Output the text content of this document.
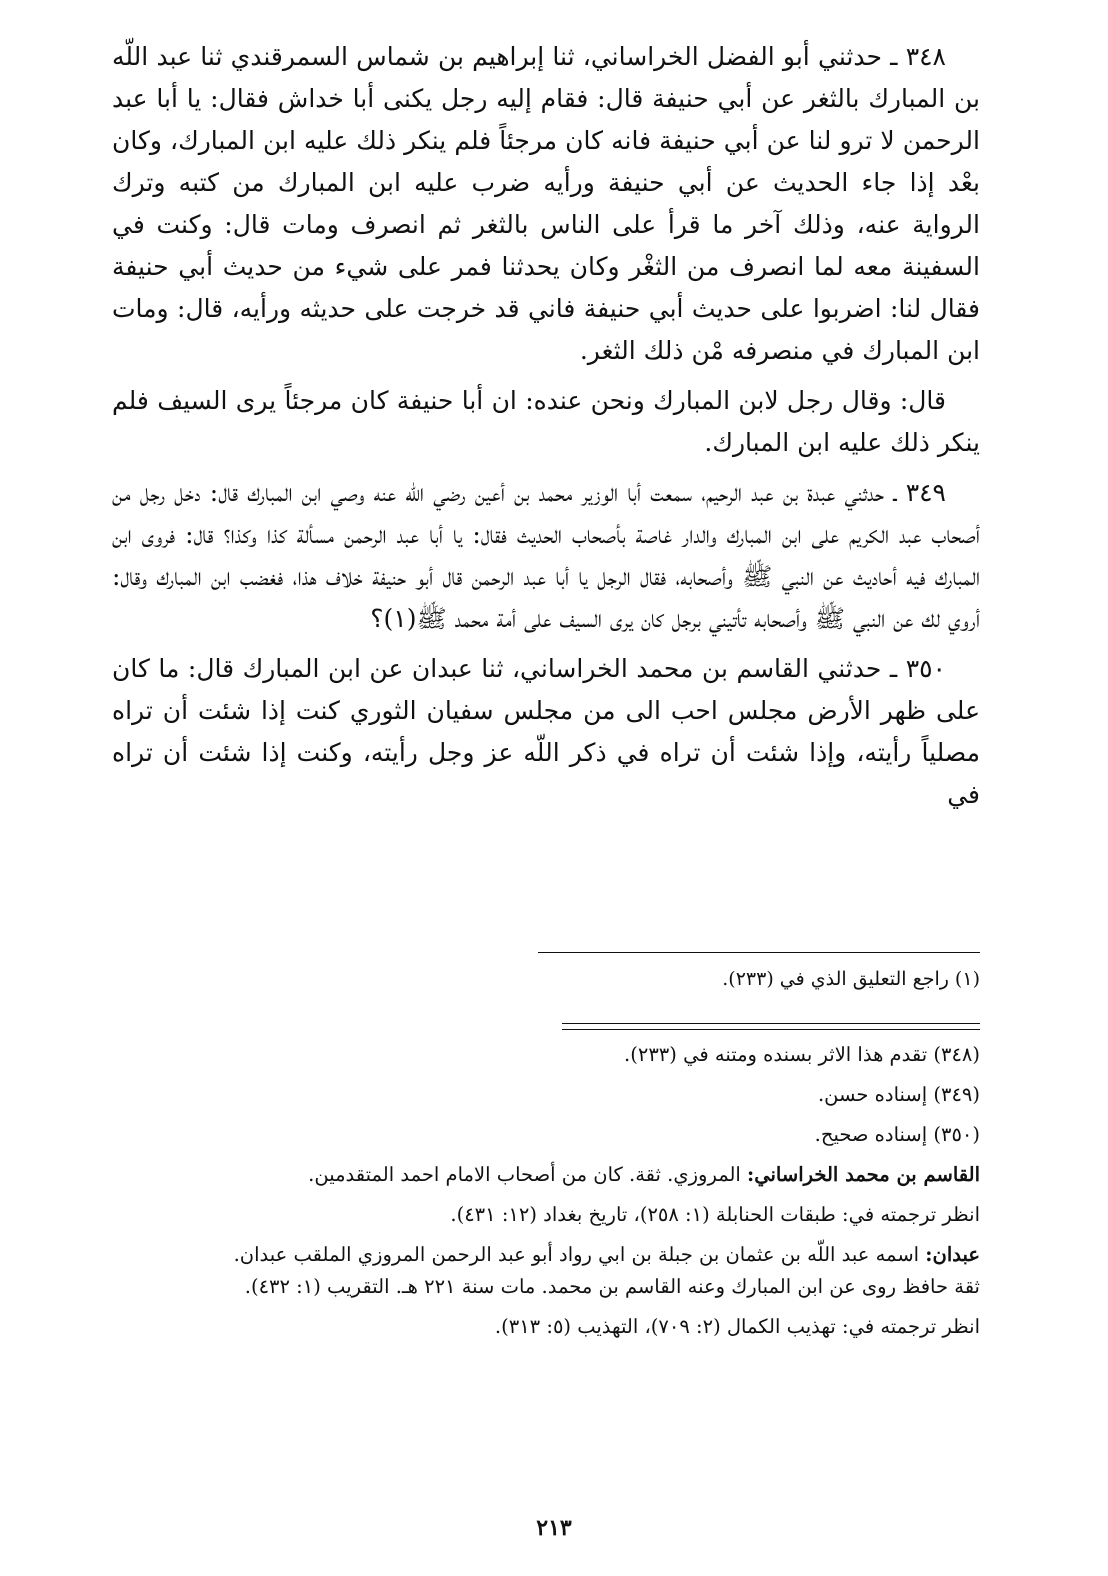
٣٤٨ ـ حدثني أبو الفضل الخراساني، ثنا إبراهيم بن شماس السمرقندي ثنا عبد اللّه بن المبارك بالثغر عن أبي حنيفة قال: فقام إليه رجل يكنى أبا خداش فقال: يا أبا عبد الرحمن لا ترو لنا عن أبي حنيفة فانه كان مرجئاً فلم ينكر ذلك عليه ابن المبارك، وكان بعْد إذا جاء الحديث عن أبي حنيفة ورأيه ضرب عليه ابن المبارك من كتبه وترك الرواية عنه، وذلك آخر ما قرأ على الناس بالثغر ثم انصرف ومات قال: وكنت في السفينة معه لما انصرف من الثغْر وكان يحدثنا فمر على شيء من حديث أبي حنيفة فقال لنا: اضربوا على حديث أبي حنيفة فاني قد خرجت على حديثه ورأيه، قال: ومات ابن المبارك في منصرفه مْن ذلك الثغر.

قال: وقال رجل لابن المبارك ونحن عنده: ان أبا حنيفة كان مرجئاً يرى السيف فلم ينكر ذلك عليه ابن المبارك.

٣٤٩ ـ حدثني عبدة بن عبد الرحيم، سمعت أبا الوزير محمد بن أعين رضي اللّه عنه وصي ابن المبارك قال: دخل رجل من أصحاب عبد الكريم على ابن المبارك والدار غاصة بأصحاب الحديث فقال: يا أبا عبد الرحمن مسألة كذا وكذا؟ قال: فروى ابن المبارك فيه أحاديث عن النبي ﷺ وأصحابه، فقال الرجل يا أبا عبد الرحمن قال أبو حنيفة خلاف هذا، فغضب ابن المبارك وقال: أروي لك عن النبي ﷺ وأصحابه تأتيني برجل كان يرى السيف على أمة محمد ﷺ(١)؟

٣٥٠ ـ حدثني القاسم بن محمد الخراساني، ثنا عبدان عن ابن المبارك قال: ما كان على ظهر الأرض مجلس احب الى من مجلس سفيان الثوري كنت إذا شئت أن تراه مصلياً رأيته، وإذا شئت أن تراه في ذكر اللّه عز وجل رأيته، وكنت إذا شئت أن تراه في

(١) راجع التعليق الذي في (٢٣٣).

(٣٤٨) تقدم هذا الاثر بسنده ومتنه في (٢٣٣).

(٣٤٩) إسناده حسن.

(٣٥٠) إسناده صحيح.

القاسم بن محمد الخراساني: المروزي. ثقة. كان من أصحاب الامام احمد المتقدمين.

انظر ترجمته في: طبقات الحنابلة (١: ٢٥٨)، تاريخ بغداد (١٢: ٤٣١).

عبدان: اسمه عبد اللّه بن عثمان بن جبلة بن ابي رواد أبو عبد الرحمن المروزي الملقب عبدان.

ثقة حافظ روى عن ابن المبارك وعنه القاسم بن محمد. مات سنة ٢٢١ هـ. التقريب (١: ٤٣٢).

انظر ترجمته في: تهذيب الكمال (٢: ٧٠٩)، التهذيب (٥: ٣١٣).

٢١٣
